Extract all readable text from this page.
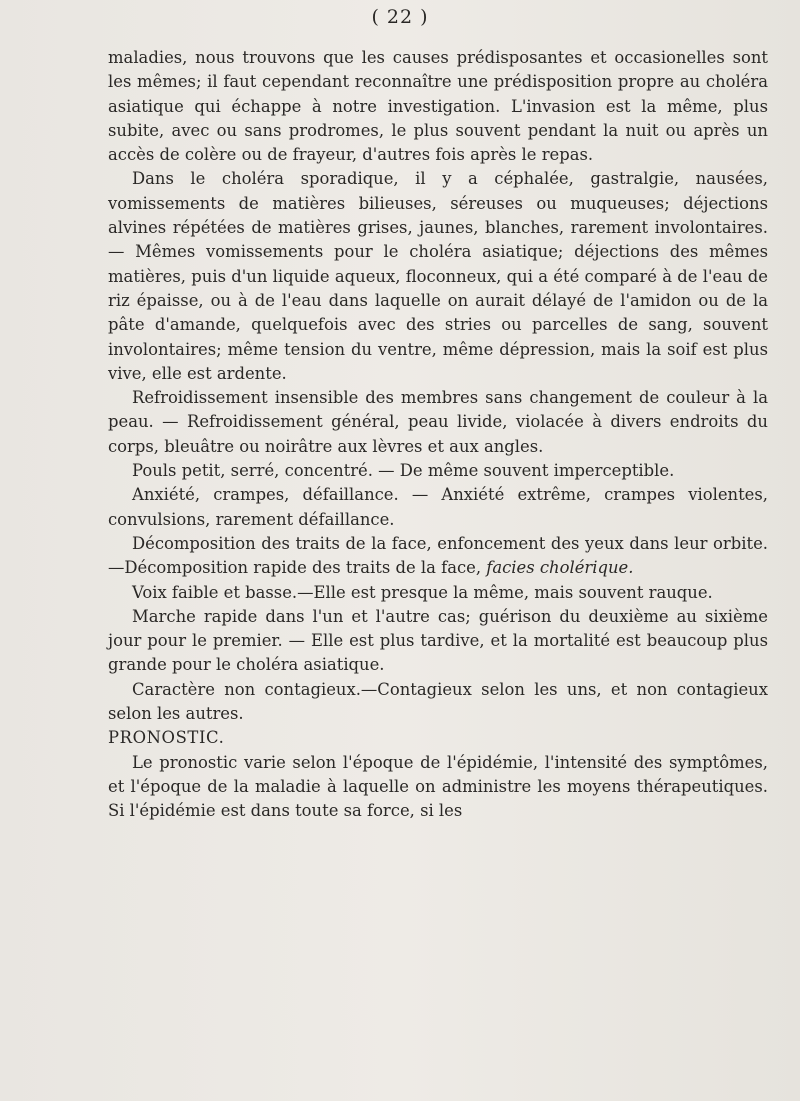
( 22 )

maladies, nous trouvons que les causes prédisposantes et occasionelles sont les mêmes; il faut cependant reconnaître une prédisposition propre au choléra asiatique qui échappe à notre investigation. L'invasion est la même, plus subite, avec ou sans prodromes, le plus souvent pendant la nuit ou après un accès de colère ou de frayeur, d'autres fois après le repas.

Dans le choléra sporadique, il y a céphalée, gastralgie, nausées, vomissements de matières bilieuses, séreuses ou muqueuses; déjections alvines répétées de matières grises, jaunes, blanches, rarement involontaires. — Mêmes vomissements pour le choléra asiatique; déjections des mêmes matières, puis d'un liquide aqueux, floconneux, qui a été comparé à de l'eau de riz épaisse, ou à de l'eau dans laquelle on aurait délayé de l'amidon ou de la pâte d'amande, quelquefois avec des stries ou parcelles de sang, souvent involontaires; même tension du ventre, même dépression, mais la soif est plus vive, elle est ardente.

Refroidissement insensible des membres sans changement de couleur à la peau. — Refroidissement général, peau livide, violacée à divers endroits du corps, bleuâtre ou noirâtre aux lèvres et aux angles.

Pouls petit, serré, concentré. — De même souvent imperceptible.

Anxiété, crampes, défaillance. — Anxiété extrême, crampes violentes, convulsions, rarement défaillance.

Décomposition des traits de la face, enfoncement des yeux dans leur orbite.—Décomposition rapide des traits de la face, facies cholérique.

Voix faible et basse.—Elle est presque la même, mais souvent rauque.

Marche rapide dans l'un et l'autre cas; guérison du deuxième au sixième jour pour le premier. — Elle est plus tardive, et la mortalité est beaucoup plus grande pour le choléra asiatique.

Caractère non contagieux.—Contagieux selon les uns, et non contagieux selon les autres.

PRONOSTIC.

Le pronostic varie selon l'époque de l'épidémie, l'intensité des symptômes, et l'époque de la maladie à laquelle on administre les moyens thérapeutiques. Si l'épidémie est dans toute sa force, si les
